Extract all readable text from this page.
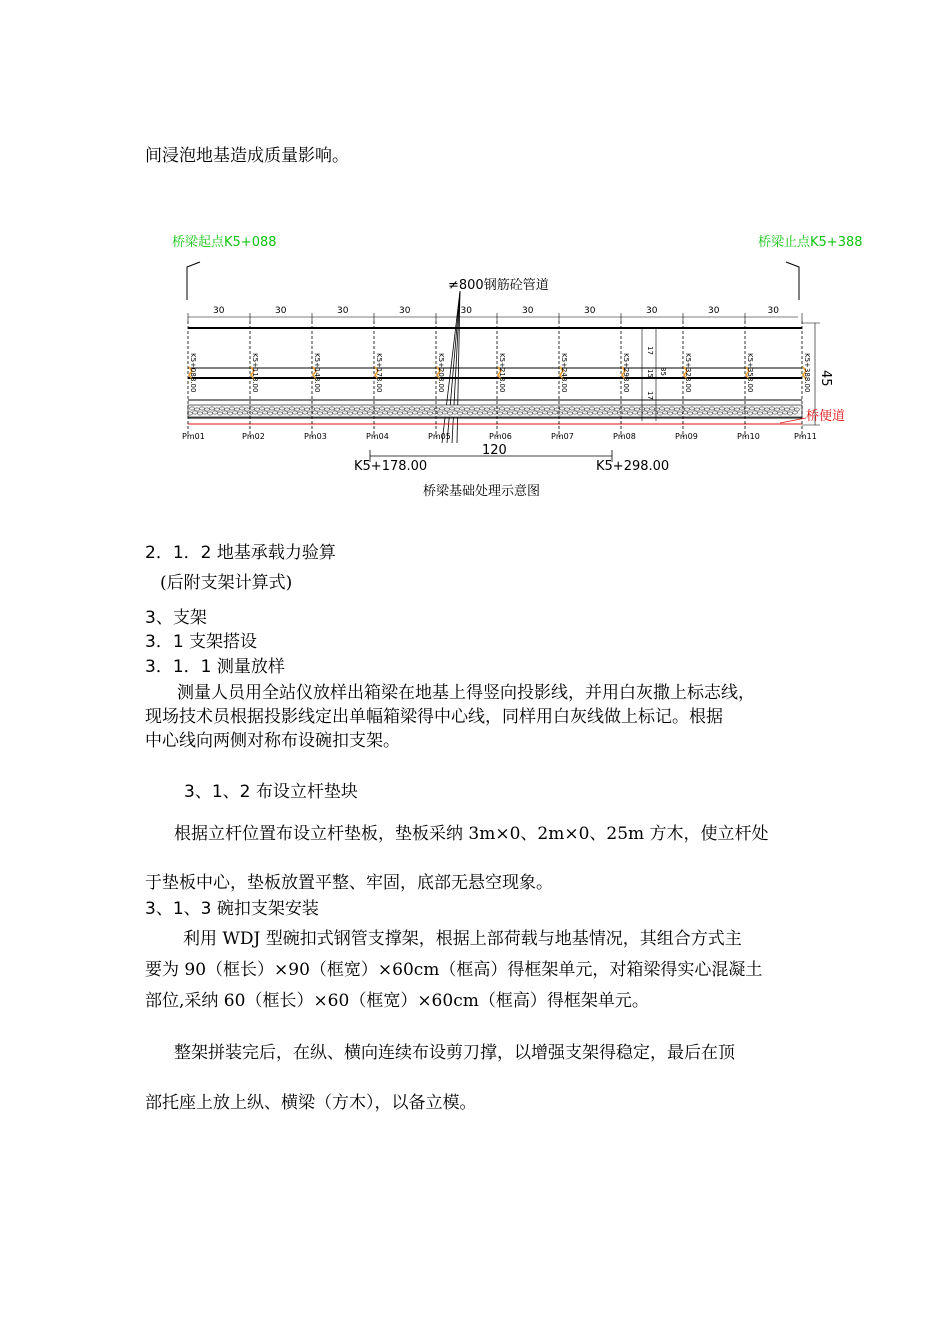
间浸泡地基造成质量影响。
桥梁起点K5+088	桥梁止点K5+388
≠800钢筋砼管道
30	30	30	30	30	30	30	30	30	30
K5+088.00	K5+118.00	K5+148.00	K5+178.00	K5+208.00	K5+218.00	K5+248.00	K5+298.00	K5+328.00	K5+358.00	K5+388.00
17
35
15
17
45
桥便道
Pm01	Pm02	Pm03	Pm04	Pm05	Pm06	Pm07	Pm08	Pm09	Pm10	Pm11
120
K5+178.00	K5+298.00
桥梁基础处理示意图
2．1．2 地基承载力验算
(后附支架计算式)
3、支架
3．1 支架搭设
3．1．1 测量放样
测量人员用全站仪放样出箱梁在地基上得竖向投影线，并用白灰撒上标志线，
现场技术员根据投影线定出单幅箱梁得中心线，同样用白灰线做上标记。根据
中心线向两侧对称布设碗扣支架。
3、1、2 布设立杆垫块
根据立杆位置布设立杆垫板，垫板采纳 3m×0、2m×0、25m 方木，使立杆处
于垫板中心，垫板放置平整、牢固，底部无悬空现象。
3、1、3 碗扣支架安装
利用 WDJ 型碗扣式钢管支撑架，根据上部荷载与地基情况，其组合方式主
要为 90（框长）×90（框宽）×60cm（框高）得框架单元，对箱梁得实心混凝土
部位,采纳 60（框长）×60（框宽）×60cm（框高）得框架单元。
整架拼装完后，在纵、横向连续布设剪刀撑，以增强支架得稳定，最后在顶
部托座上放上纵、横梁（方木），以备立模。
